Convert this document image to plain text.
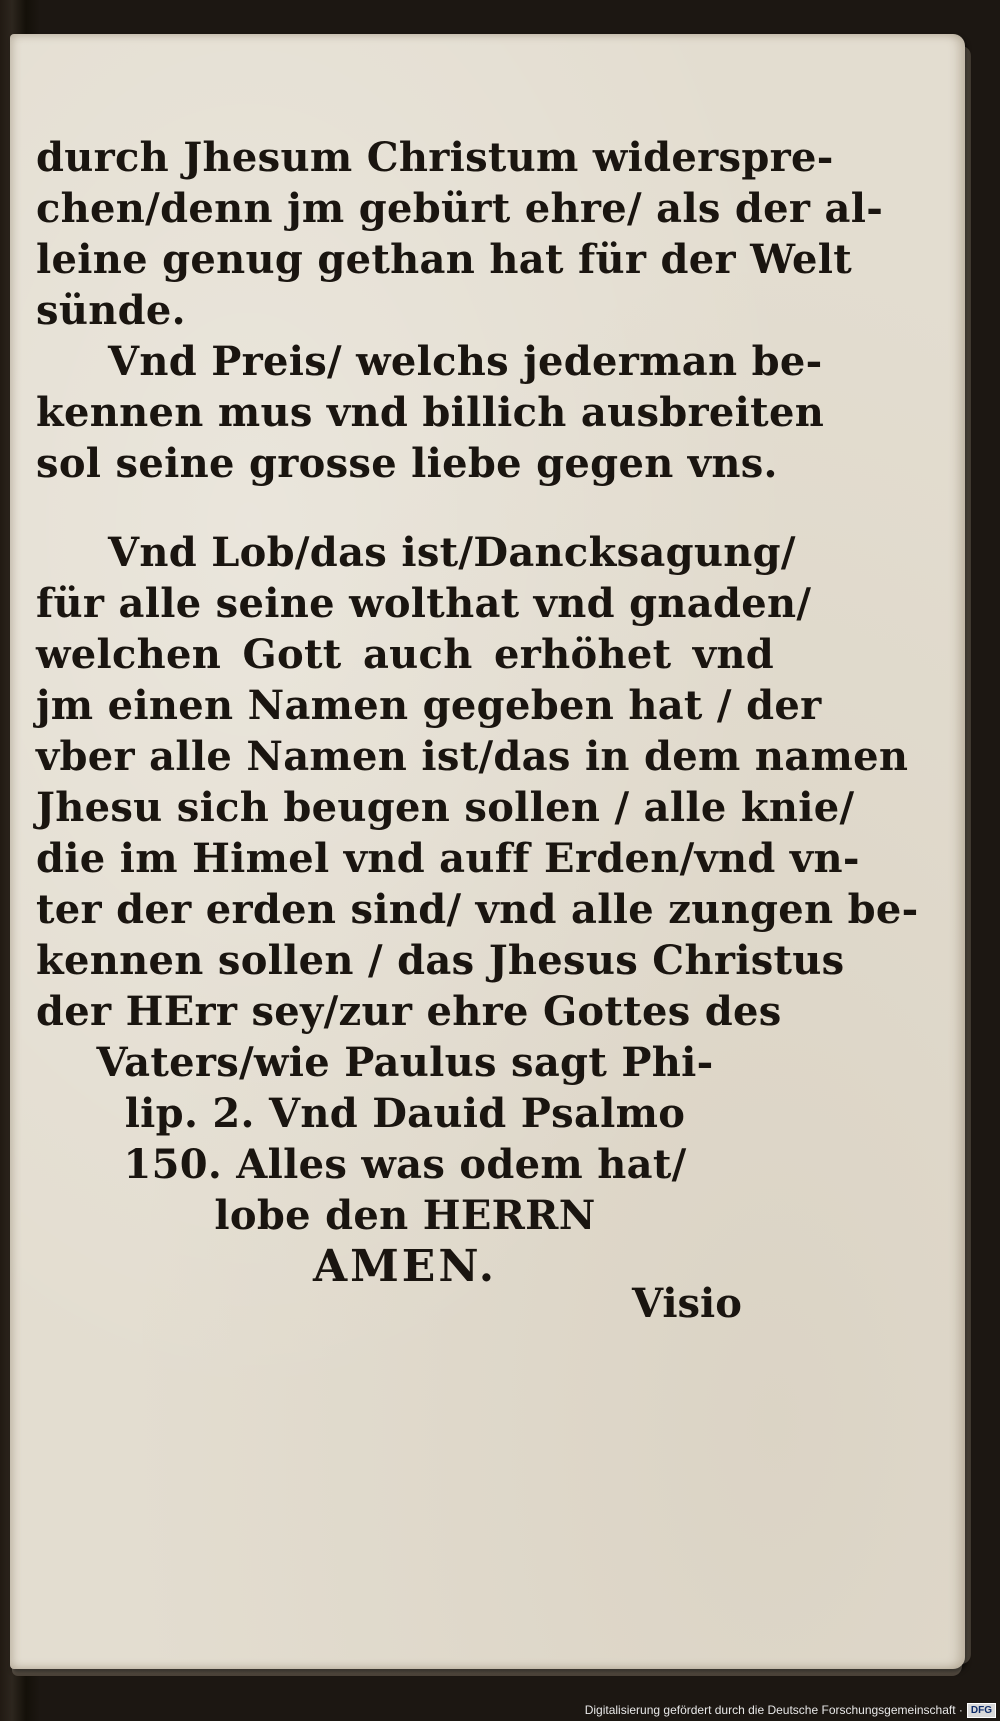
durch Jhesum Christum widerspre-
chen/denn jm gebürt ehre/ als der al-
leine genug gethan hat für der Welt
sünde.
Vnd Preis/ welchs jederman be-
kennen mus vnd billich ausbreiten
sol seine grosse liebe gegen vns.
Vnd Lob/das ist/Dancksagung/
für alle seine wolthat vnd gnaden/
welchen Gott auch erhöhet vnd
jm einen Namen gegeben hat / der
vber alle Namen ist/das in dem namen
Jhesu sich beugen sollen / alle knie/
die im Himel vnd auff Erden/vnd vn-
ter der erden sind/ vnd alle zungen be-
kennen sollen / das Jhesus Christus
der HErr sey/zur ehre Gottes des
Vaters/wie Paulus sagt Phi-
lip. 2. Vnd Dauid Psalmo
150. Alles was odem hat/
lobe den HERRN
AMEN.
Visio
Digitalisierung gefördert durch die Deutsche Forschungsgemeinschaft · DFG
